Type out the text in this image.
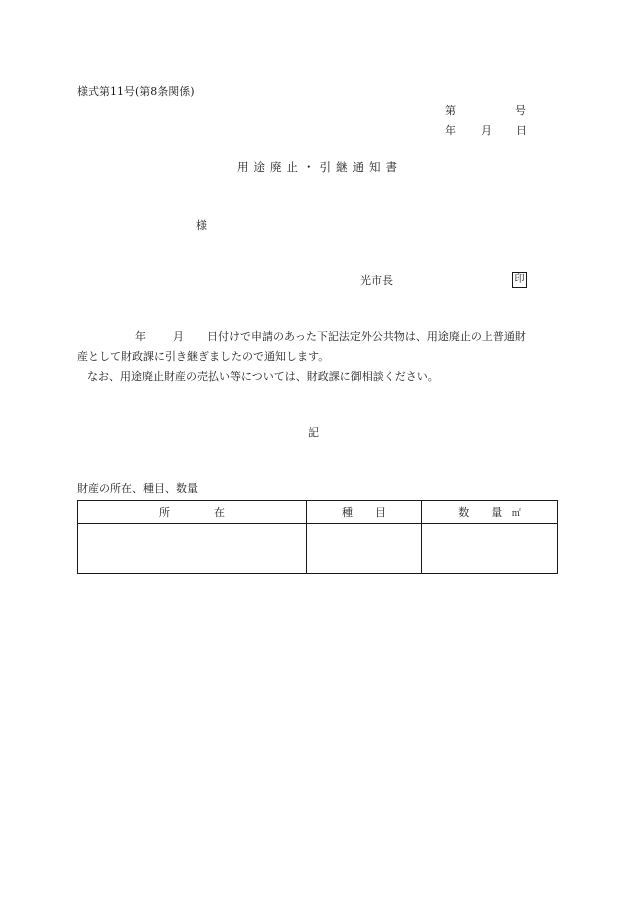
様式第11号(第8条関係)
第	号
年 月 日
用途廃止・引継通知書
様
光市長	印
年 月 日付けで申請のあった下記法定外公共物は、用途廃止の上普通財
産として財政課に引き継ぎましたので通知します。
なお、用途廃止財産の売払い等については、財政課に御相談ください。
記
財産の所在、種目、数量
所　　　　在	種　　目	数　　量 ㎡
